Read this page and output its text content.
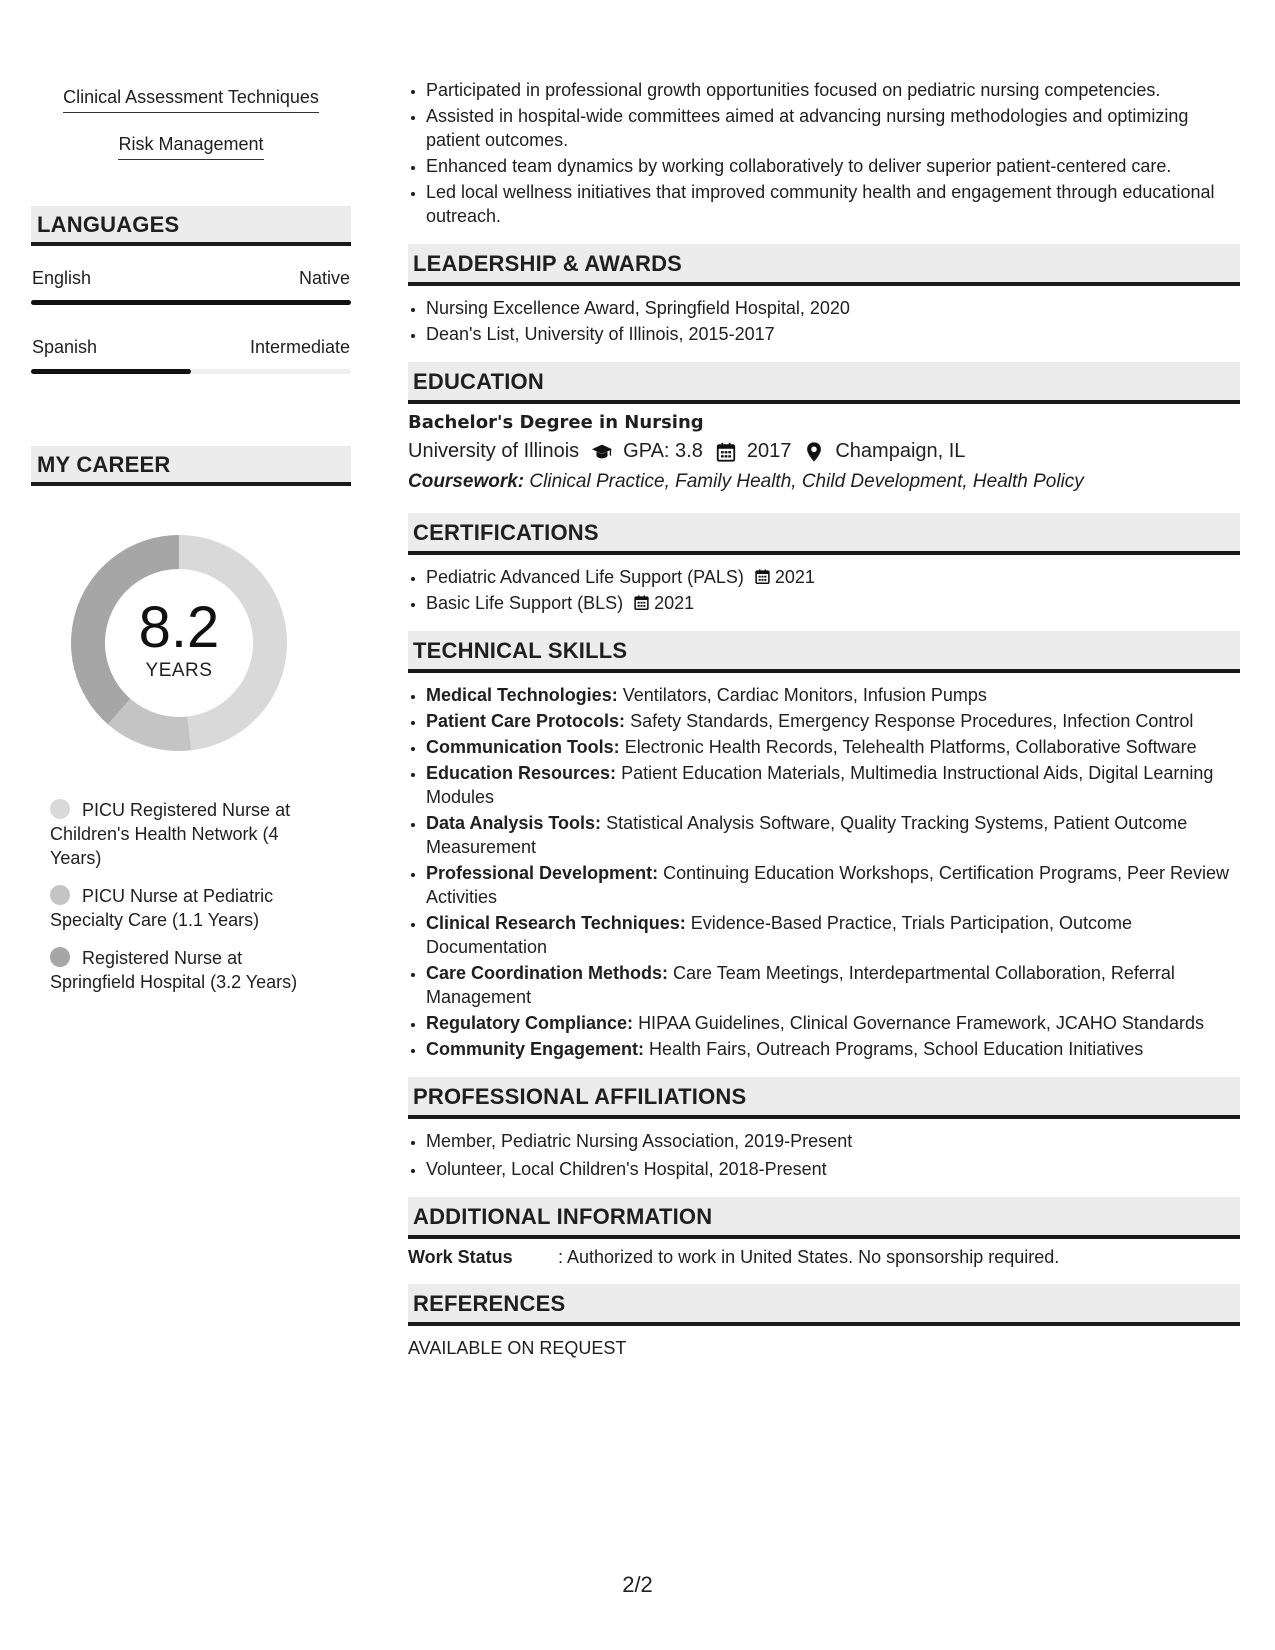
Clinical Assessment Techniques
Risk Management
LANGUAGES
English	Native
Spanish	Intermediate
MY CAREER
8.2
YEARS
PICU Registered Nurse at Children's Health Network (4 Years)
PICU Nurse at Pediatric Specialty Care (1.1 Years)
Registered Nurse at Springfield Hospital (3.2 Years)
• Participated in professional growth opportunities focused on pediatric nursing competencies.
• Assisted in hospital-wide committees aimed at advancing nursing methodologies and optimizing patient outcomes.
• Enhanced team dynamics by working collaboratively to deliver superior patient-centered care.
• Led local wellness initiatives that improved community health and engagement through educational outreach.
LEADERSHIP & AWARDS
• Nursing Excellence Award, Springfield Hospital, 2020
• Dean's List, University of Illinois, 2015-2017
EDUCATION
Bachelor's Degree in Nursing
University of Illinois GPA: 3.8 2017 Champaign, IL
Coursework: Clinical Practice, Family Health, Child Development, Health Policy
CERTIFICATIONS
• Pediatric Advanced Life Support (PALS) 2021
• Basic Life Support (BLS) 2021
TECHNICAL SKILLS
• Medical Technologies: Ventilators, Cardiac Monitors, Infusion Pumps
• Patient Care Protocols: Safety Standards, Emergency Response Procedures, Infection Control
• Communication Tools: Electronic Health Records, Telehealth Platforms, Collaborative Software
• Education Resources: Patient Education Materials, Multimedia Instructional Aids, Digital Learning Modules
• Data Analysis Tools: Statistical Analysis Software, Quality Tracking Systems, Patient Outcome Measurement
• Professional Development: Continuing Education Workshops, Certification Programs, Peer Review Activities
• Clinical Research Techniques: Evidence-Based Practice, Trials Participation, Outcome Documentation
• Care Coordination Methods: Care Team Meetings, Interdepartmental Collaboration, Referral Management
• Regulatory Compliance: HIPAA Guidelines, Clinical Governance Framework, JCAHO Standards
• Community Engagement: Health Fairs, Outreach Programs, School Education Initiatives
PROFESSIONAL AFFILIATIONS
• Member, Pediatric Nursing Association, 2019-Present
• Volunteer, Local Children's Hospital, 2018-Present
ADDITIONAL INFORMATION
Work Status	: Authorized to work in United States. No sponsorship required.
REFERENCES
AVAILABLE ON REQUEST
2/2
